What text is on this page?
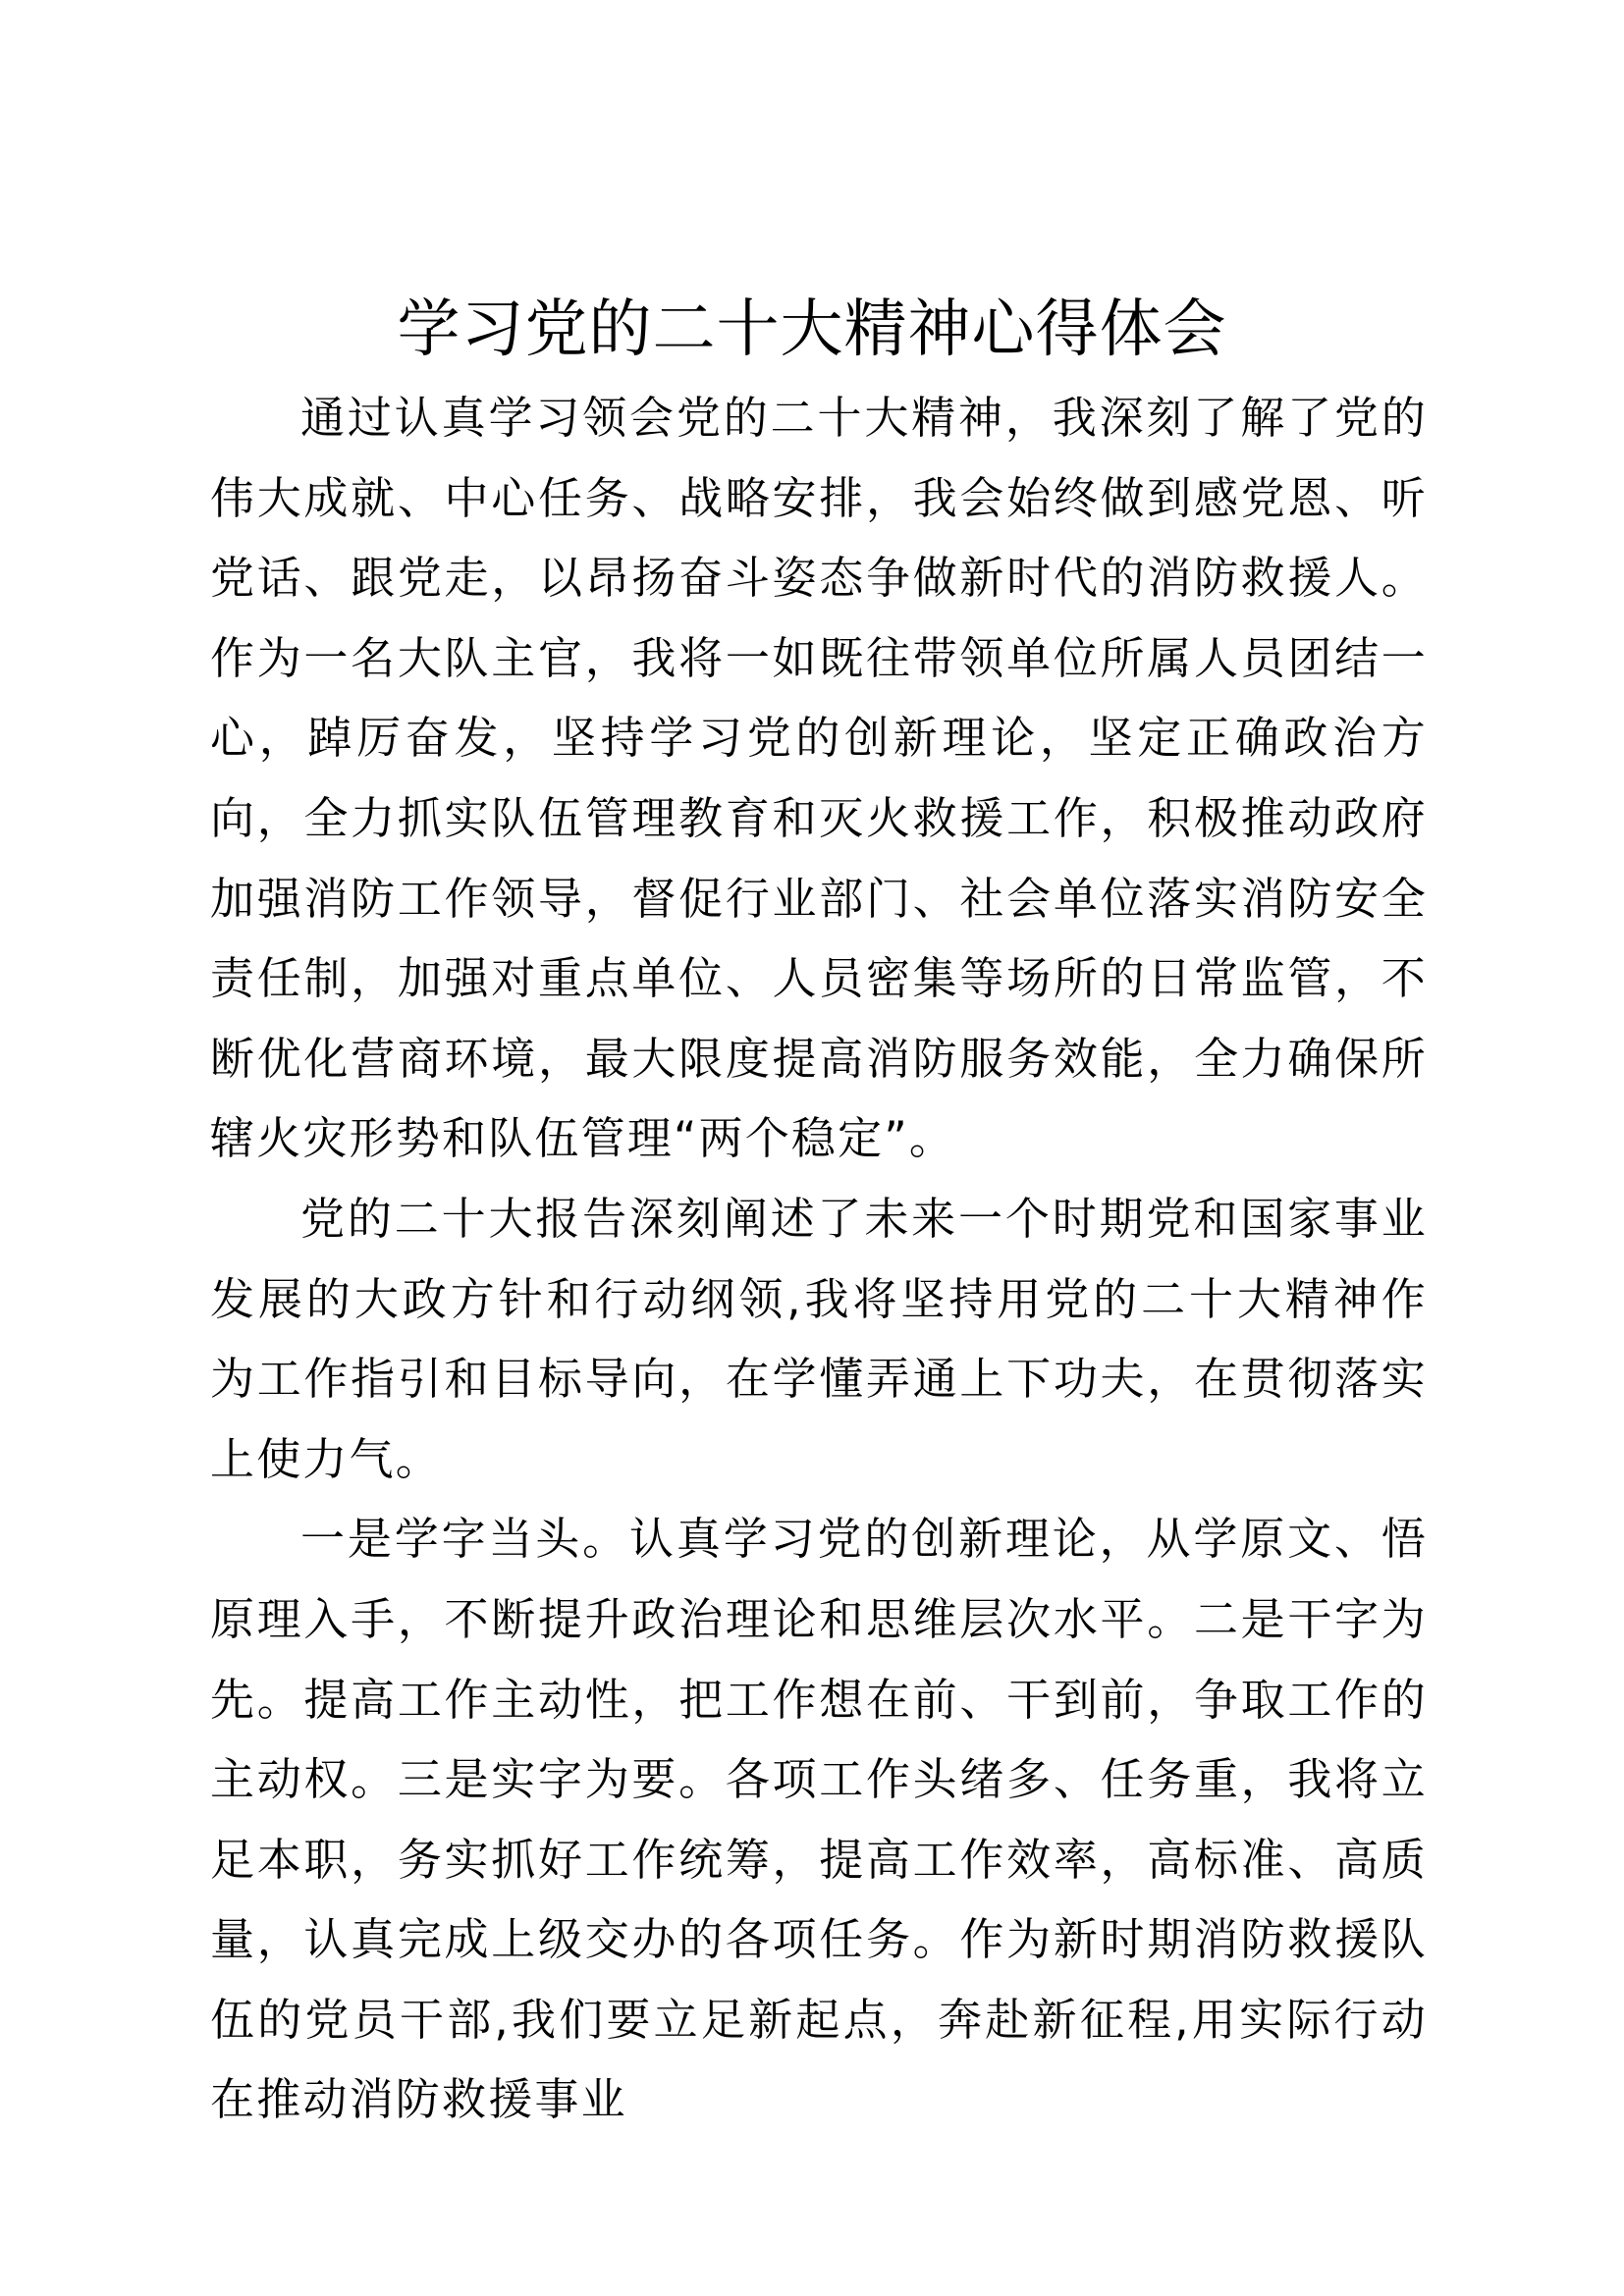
学习党的二十大精神心得体会

通过认真学习领会党的二十大精神，我深刻了解了党的伟大成就、中心任务、战略安排，我会始终做到感党恩、听党话、跟党走，以昂扬奋斗姿态争做新时代的消防救援人。作为一名大队主官，我将一如既往带领单位所属人员团结一心，踔厉奋发，坚持学习党的创新理论，坚定正确政治方向，全力抓实队伍管理教育和灭火救援工作，积极推动政府加强消防工作领导，督促行业部门、社会单位落实消防安全责任制，加强对重点单位、人员密集等场所的日常监管，不断优化营商环境，最大限度提高消防服务效能，全力确保所辖火灾形势和队伍管理“两个稳定”。

党的二十大报告深刻阐述了未来一个时期党和国家事业发展的大政方针和行动纲领,我将坚持用党的二十大精神作为工作指引和目标导向，在学懂弄通上下功夫，在贯彻落实上使力气。

一是学字当头。认真学习党的创新理论，从学原文、悟原理入手，不断提升政治理论和思维层次水平。二是干字为先。提高工作主动性，把工作想在前、干到前，争取工作的主动权。三是实字为要。各项工作头绪多、任务重，我将立足本职，务实抓好工作统筹，提高工作效率，高标准、高质量，认真完成上级交办的各项任务。作为新时期消防救援队伍的党员干部,我们要立足新起点，奔赴新征程,用实际行动在推动消防救援事业
